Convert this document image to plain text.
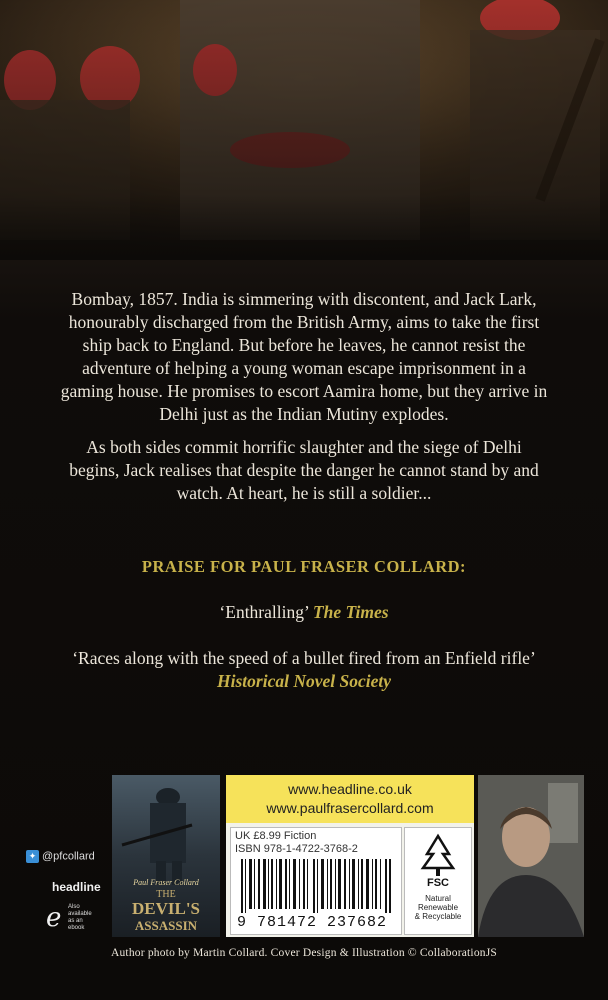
Bombay, 1857. India is simmering with discontent, and Jack Lark, honourably discharged from the British Army, aims to take the first ship back to England. But before he leaves, he cannot resist the adventure of helping a young woman escape imprisonment in a gaming house. He promises to escort Aamira home, but they arrive in Delhi just as the Indian Mutiny explodes.
As both sides commit horrific slaughter and the siege of Delhi begins, Jack realises that despite the danger he cannot stand by and watch. At heart, he is still a soldier...
PRAISE FOR PAUL FRASER COLLARD:
‘Enthralling’ The Times
‘Races along with the speed of a bullet fired from an Enfield rifle’
Historical Novel Society
Paul Fraser Collard
THE
DEVIL'S
ASSASSIN
www.headline.co.uk
www.paulfrasercollard.com
UK £8.99 Fiction
ISBN 978-1-4722-3768-2
9 781472 237682
FSC
Natural
Renewable
& Recyclable
✦ @pfcollard
headline
e Also available
as an ebook
Author photo by Martin Collard. Cover Design & Illustration © CollaborationJS
